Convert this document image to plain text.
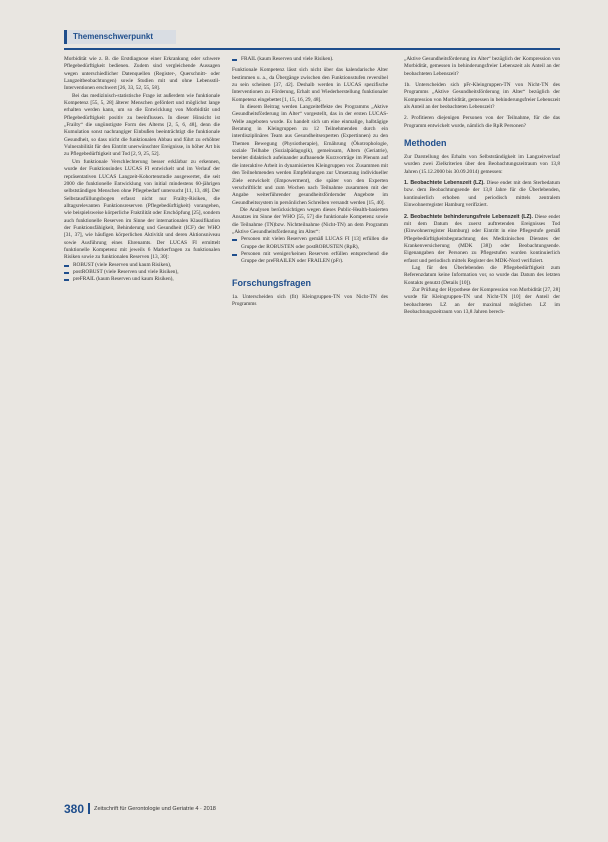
Themenschwerpunkt

Morbidität wie z. B. die Erstdiagnose einer Erkrankung oder schwere Pflegebedürftigkeit bedienen. Zudem sind vergleichende Aussagen wegen unterschiedlicher Datenquellen (Register-, Querschnitt- oder Langzeitbeobachtungen) sowie Studien mit und ohne Lebensstil-Interventionen erschwert [26, 33, 52, 55, 58].

Bei das medizinisch-statistische Frage ist außerdem wie funktionale Kompetenz [55, 5, 28] älterer Menschen gefördert und möglichst lange erhalten werden kann, um so die Entwicklung von Morbidität und Pflegebedürftigkeit positiv zu beeinflussen. In dieser Hinsicht ist „Frailty“ die ungünstigste Form des Alterns [2, 5, 6, 48], denn die Kumulation sonst nachrangiger Einbußen beeinträchtigt die funktionale Gesundheit, so dass nicht die funktionalen Abbau und führt zu erhöhter Vulnerabilität für den Eintritt unerwünschter Ereignisse, in höher Art bis zu Pflegebedürftigkeit und Tod [2, 9, 25, 52].

Um funktionale Verschlechterung besser erklärbar zu erkennen, wurde der Funktionsindex LUCAS FI entwickelt und im Verlauf der repräsentativen LUCAS Langzeit-Kohortenstudie ausgewertet, die seit 2000 die funktionelle Entwicklung von initial mindestens 60-jährigen selbstständigen Menschen ohne Pflegebedarf untersucht [11, 13, 48]. Der Selbstausfüllungsbogen erfasst nicht nur Frailty-Risiken, die alltagsrelevanten Funktionsreserven (Pflegebedürftigkeit) vorangehen, wie beispielsweise körperliche Fraktilität oder Erschöpfung [25], sondern auch funktionelle Reserven im Sinne der internationalen Klassifikation der Funktionsfähigkeit, Behinderung und Gesundheit (ICF) der WHO [31, 37], wie häufigen körperlichen Aktivität und deren Aktionsniveau sowie Ausführung eines Ehrenamts. Der LUCAS FI ermittelt funktionelle Kompetenz mit jeweils 6 Markerfragen zu funktionalen Risiken sowie zu funktionalen Reserven [13, 30]:

ROBUST (viele Reserven und kaum Risiken),
postROBUST (viele Reserven und viele Risiken),
preFRAIL (kaum Reserven und kaum Risiken),
FRAIL (kaum Reserven und viele Risiken).

Funktionale Kompetenz lässt sich nicht über das kalendarische Alter bestimmen u. a., da Übergänge zwischen den Funktionsstufen reversibel zu sein scheinen [37, 42]. Deshalb werden in LUCAS spezifische Interventionen zu Förderung, Erhalt und Wiederherstellung funktionaler Kompetenz eingebettet [1, 15, 16, 29, 48].

In diesem Beitrag werden Langzeiteffekte des Programms „Aktive Gesundheitsförderung im Alter“ vorgestellt, das in der ersten LUCAS-Welle angeboten wurde. Es handelt sich um eine einmalige, halbtägige Beratung in Kleingruppen zu 12 Teilnehmenden durch ein interdisziplinäres Team aus Gesundheitsexperten (Expertinnen) zu den Themen Bewegung (Physiotherapie), Ernährung (Ökotrophologie, soziale Teilhabe (Sozialpädagogik), gemeinsam, Altern (Geriatrie), bereitet didaktisch aufeinander aufbauende Kurzvorträge im Plenum auf die interaktive Arbeit in dynamisierten Kleingruppen vor. Zusammen mit den Teilnehmenden werden Empfehlungen zur Umsetzung individueller Ziele entwickelt (Empowerment), die später von den Experten verschriftlicht und zum Wochen nach Teilnahme zusammen mit der Angabe weiterführender gesundheitsfördernder Angebote im Gesundheitssystem in persönlichen Schreiben versandt werden [15, 40].

Die Analysen berücksichtigen wegen dieses Public-Health-basierten Ansatzes im Sinne der WHO [55, 57] die funktionale Kompetenz sowie die Teilnahme (TN)bzw. Nichtteilnahme (Nicht-TN) an dem Programm „Aktive Gesundheitsförderung im Alter“:

Personen mit vielen Reserven gemäß LUCAS FI [13] erfüllen die Gruppe der ROBUSTEN oder postROBUSTEN (RpR),
Personen mit weniger/keinen Reserven erfüllen entsprechend die Gruppe der preFRAILEN oder FRAILEN (pFr).
Forschungsfragen

1a. Unterscheiden sich (fit) Kleingruppen-TN von Nicht-TN des Programms

„Aktive Gesundheitsförderung im Alter“ bezüglich der Kompression von Morbidität, gemessen in behinderungsfreier Lebenszeit als Anteil an der beobachteten Lebenszeit?

1b. Unterscheiden sich pFr-Kleingruppen-TN von Nicht-TN des Programms „Aktive Gesundheitsförderung im Alter“ bezüglich der Kompression von Morbidität, gemessen in behinderungsfreier Lebenszeit als Anteil an der beobachteten Lebenszeit?

2. Profitieren diejenigen Personen von der Teilnahme, für die das Programm entwickelt wurde, nämlich die RpR Personen?

Methoden

Zur Darstellung des Erhalts von Selbstständigkeit im Langzeitverlauf wurden zwei Zielkriterien über den Beobachtungszeitraum von 13,8 Jahren (15.12.2000 bis 30.09.2014) gemessen:

1. Beobachtete Lebenszeit (LZ). Diese endet mit dem Sterbedatum bzw. dem Beobachtungsende der 13,8 Jahre für die Überlebenden, kontinuierlich erhoben und periodisch mittels zentralem Einwohnerregister Hamburg verifiziert.

2. Beobachtete behinderungsfreie Lebenszeit (LZ). Diese endet mit dem Datum des zuerst auftretenden Ereignisses Tod (Einwohnerregister Hamburg) oder Eintritt in eine Pflegestufe gemäß Pflegebedürftigkeitsbegutachtung des Medizinischen Dienstes der Krankenversicherung (MDK [38]) oder Beobachtungsende. Eigenangaben der Personen zu Pflegestufen wurden kontinuierlich erfasst und periodisch mittels Register des MDK-Nord verifiziert.

Lag für den Überlebenden die Pflegebedürftigkeit zum Referenzdatum keine Information vor, so wurde das Datum des letzten Kontakts genutzt (Details [10]).

Zur Prüfung der Hypothese der Kompression von Morbidität [27, 28] wurde für Kleingruppen-TN und Nicht-TN [10] der Anteil der beobachteten LZ an der maximal möglichen LZ im Beobachtungszeitraum von 13,8 Jahren berech-

380 Zeitschrift für Gerontologie und Geriatrie 4 · 2018
